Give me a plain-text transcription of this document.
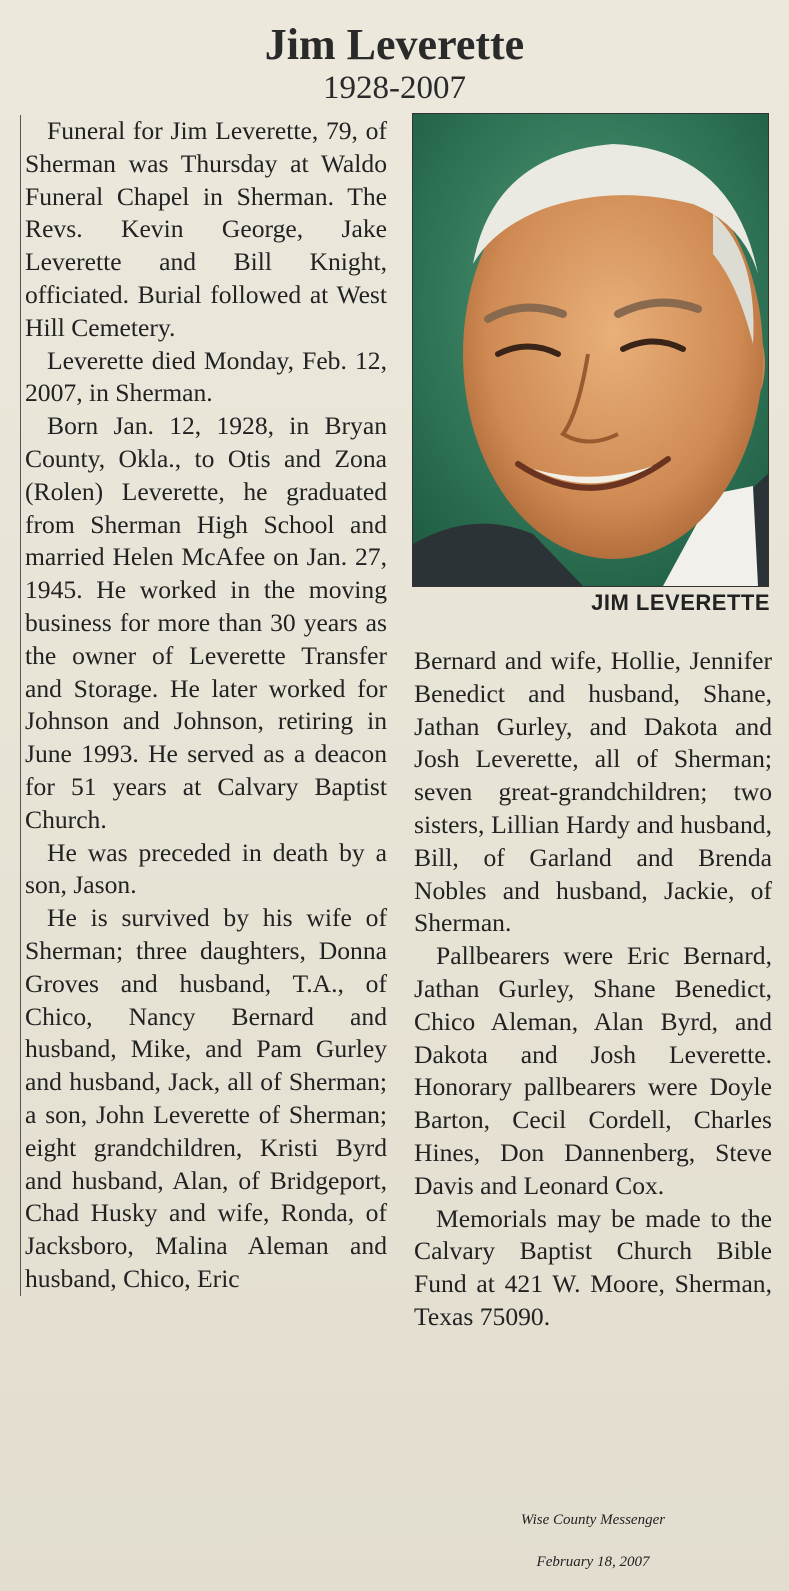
Jim Leverette
1928-2007

Funeral for Jim Leverette, 79, of Sherman was Thursday at Waldo Funeral Chapel in Sherman. The Revs. Kevin George, Jake Leverette and Bill Knight, officiated. Burial followed at West Hill Cemetery.

Leverette died Monday, Feb. 12, 2007, in Sherman.

Born Jan. 12, 1928, in Bryan County, Okla., to Otis and Zona (Rolen) Leverette, he graduated from Sherman High School and married Helen McAfee on Jan. 27, 1945. He worked in the moving business for more than 30 years as the owner of Leverette Transfer and Storage. He later worked for Johnson and Johnson, retiring in June 1993. He served as a deacon for 51 years at Calvary Baptist Church.

He was preceded in death by a son, Jason.

He is survived by his wife of Sherman; three daughters, Donna Groves and husband, T.A., of Chico, Nancy Bernard and husband, Mike, and Pam Gurley and husband, Jack, all of Sherman; a son, John Leverette of Sherman; eight grandchildren, Kristi Byrd and husband, Alan, of Bridgeport, Chad Husky and wife, Ronda, of Jacksboro, Malina Aleman and husband, Chico, Eric

JIM LEVERETTE

Bernard and wife, Hollie, Jennifer Benedict and husband, Shane, Jathan Gurley, and Dakota and Josh Leverette, all of Sherman; seven great-grandchildren; two sisters, Lillian Hardy and husband, Bill, of Garland and Brenda Nobles and husband, Jackie, of Sherman.

Pallbearers were Eric Bernard, Jathan Gurley, Shane Benedict, Chico Aleman, Alan Byrd, and Dakota and Josh Leverette. Honorary pallbearers were Doyle Barton, Cecil Cordell, Charles Hines, Don Dannenberg, Steve Davis and Leonard Cox.

Memorials may be made to the Calvary Baptist Church Bible Fund at 421 W. Moore, Sherman, Texas 75090.

Wise County Messenger
February 18, 2007
